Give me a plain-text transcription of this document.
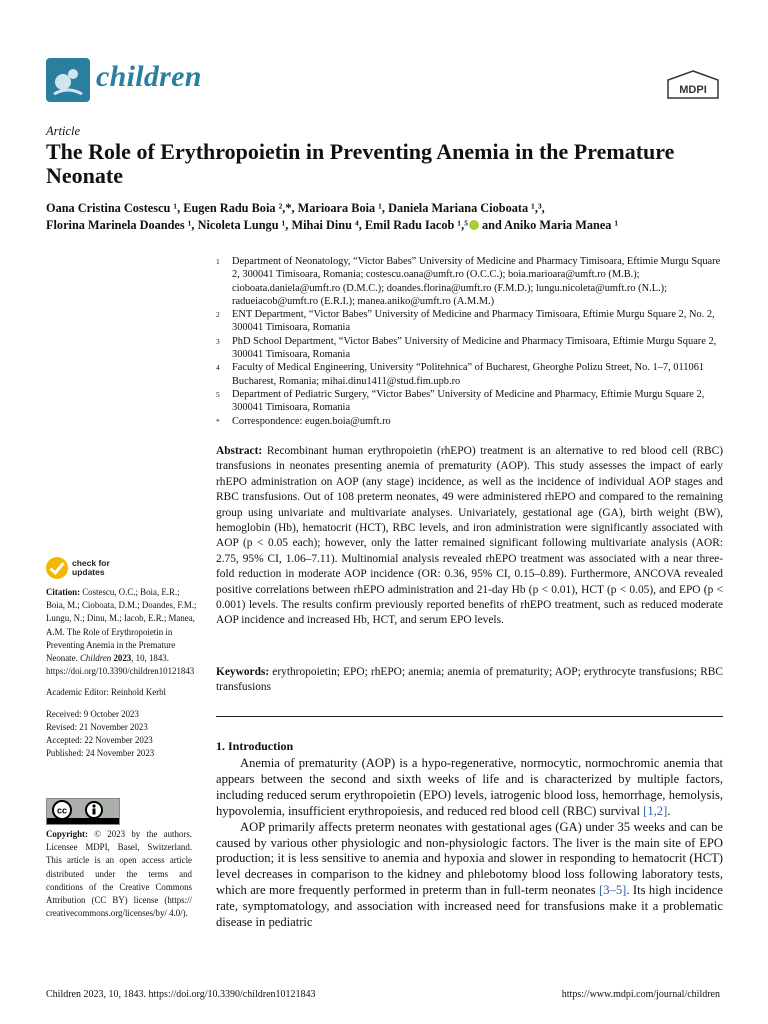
children	MDPI
Article
The Role of Erythropoietin in Preventing Anemia in the Premature Neonate
Oana Cristina Costescu ¹, Eugen Radu Boia ²,*, Marioara Boia ¹, Daniela Mariana Cioboata ¹,³,
Florina Marinela Doandes ¹, Nicoleta Lungu ¹, Mihai Dinu ⁴, Emil Radu Iacob ¹,⁵ and Aniko Maria Manea ¹
1	Department of Neonatology, “Victor Babes” University of Medicine and Pharmacy Timisoara, Eftimie Murgu Square 2, 300041 Timisoara, Romania; costescu.oana@umft.ro (O.C.C.); boia.marioara@umft.ro (M.B.); cioboata.daniela@umft.ro (D.M.C.); doandes.florina@umft.ro (F.M.D.); lungu.nicoleta@umft.ro (N.L.); radueiacob@umft.ro (E.R.I.); manea.aniko@umft.ro (A.M.M.)
2	ENT Department, “Victor Babes” University of Medicine and Pharmacy Timisoara, Eftimie Murgu Square 2, No. 2, 300041 Timisoara, Romania
3	PhD School Department, “Victor Babes” University of Medicine and Pharmacy Timisoara, Eftimie Murgu Square 2, 300041 Timisoara, Romania
4	Faculty of Medical Engineering, University “Politehnica” of Bucharest, Gheorghe Polizu Street, No. 1–7, 011061 Bucharest, Romania; mihai.dinu1411@stud.fim.upb.ro
5	Department of Pediatric Surgery, “Victor Babes” University of Medicine and Pharmacy, Eftimie Murgu Square 2, 300041 Timisoara, Romania
*	Correspondence: eugen.boia@umft.ro
Abstract: Recombinant human erythropoietin (rhEPO) treatment is an alternative to red blood cell (RBC) transfusions in neonates presenting anemia of prematurity (AOP). This study assesses the impact of early rhEPO administration on AOP (any stage) incidence, as well as the incidence of individual AOP stages and RBC transfusions. Out of 108 preterm neonates, 49 were administered rhEPO and compared to the remaining group using univariate and multivariate analyses. Univariately, gestational age (GA), birth weight (BW), hemoglobin (Hb), hematocrit (HCT), RBC levels, and iron administration were significantly associated with AOP (p < 0.05 each); however, only the latter remained significant following multivariate analysis (AOR: 2.75, 95% CI, 1.06–7.11). Multinomial analysis revealed rhEPO treatment was associated with a near three-fold reduction in moderate AOP incidence (OR: 0.36, 95% CI, 0.15–0.89). Furthermore, ANCOVA revealed positive correlations between rhEPO administration and 21-day Hb (p < 0.01), HCT (p < 0.05), and EPO (p < 0.001) levels. The results confirm previously reported benefits of rhEPO treatment, such as reduced moderate AOP incidence and increased Hb, HCT, and serum EPO levels.
Keywords: erythropoietin; EPO; rhEPO; anemia; anemia of prematurity; AOP; erythrocyte transfusions; RBC transfusions
check for
updates

Citation: Costescu, O.C.; Boia, E.R.; Boia, M.; Cioboata, D.M.; Doandes, F.M.; Lungu, N.; Dinu, M.; Iacob, E.R.; Manea, A.M. The Role of Erythropoietin in Preventing Anemia in the Premature Neonate. Children 2023, 10, 1843. https://doi.org/10.3390/children10121843

Academic Editor: Reinhold Kerbl

Received: 9 October 2023
Revised: 21 November 2023
Accepted: 22 November 2023
Published: 24 November 2023
cc
Copyright: © 2023 by the authors. Licensee MDPI, Basel, Switzerland. This article is an open access article distributed under the terms and conditions of the Creative Commons Attribution (CC BY) license (https:// creativecommons.org/licenses/by/ 4.0/).
1. Introduction

Anemia of prematurity (AOP) is a hypo-regenerative, normocytic, normochromic anemia that appears between the second and sixth weeks of life and is characterized by multiple factors, including reduced serum erythropoietin (EPO) levels, iatrogenic blood loss, hemorrhage, hemolysis, hypovolemia, insufficient erythropoiesis, and reduced red blood cell (RBC) survival [1,2].

AOP primarily affects preterm neonates with gestational ages (GA) under 35 weeks and can be caused by various other physiologic and non-physiologic factors. The liver is the main site of EPO production; it is less sensitive to anemia and hypoxia and slower in responding to hematocrit (HCT) level decreases in comparison to the kidney and phlebotomy blood loss following laboratory tests, which are more frequently performed in preterm than in full-term neonates [3–5]. Its high incidence rate, symptomatology, and association with increased need for transfusions make it a problematic disease in pediatric

Children 2023, 10, 1843. https://doi.org/10.3390/children10121843	https://www.mdpi.com/journal/children
